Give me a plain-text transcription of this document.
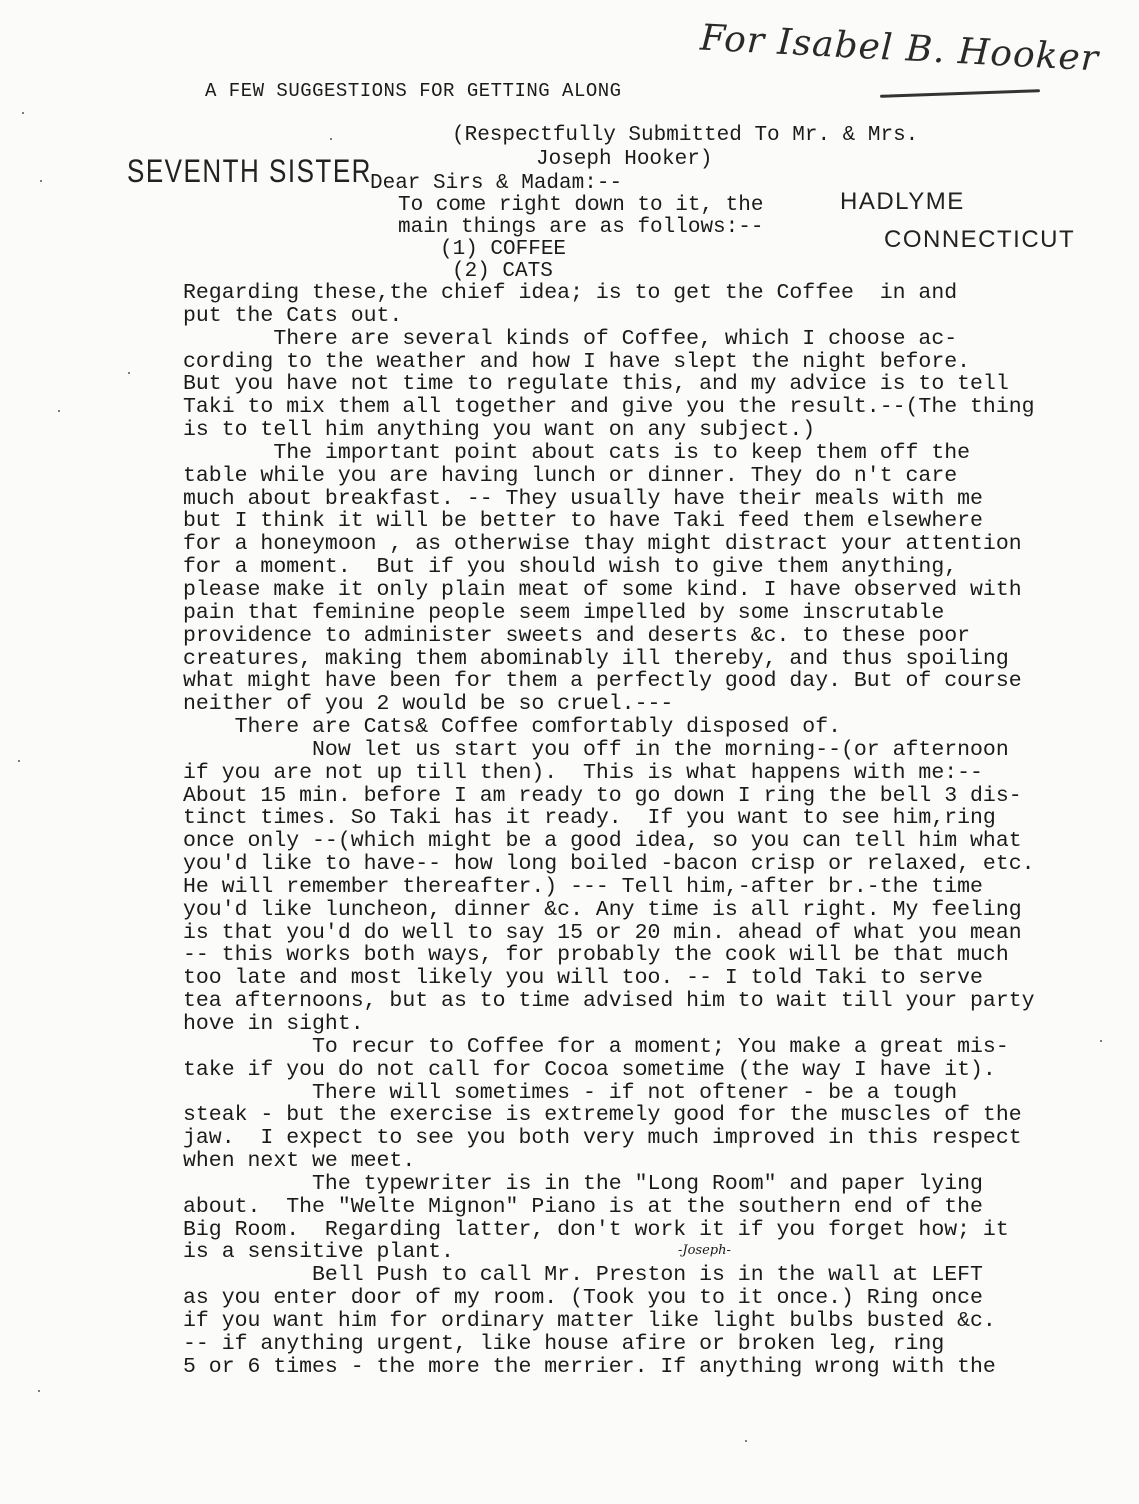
For Isabel B. Hooker
A FEW SUGGESTIONS FOR GETTING ALONG
(Respectfully Submitted To Mr. & Mrs.
Joseph Hooker)
Dear Sirs & Madam:--
To come right down to it, the
main things are as follows:--
(1) COFFEE
(2) CATS
SEVENTH SISTER
HADLYME
CONNECTICUT
Regarding these,the chief idea; is to get the Coffee  in and
put the Cats out.
There are several kinds of Coffee, which I choose ac-
cording to the weather and how I have slept the night before.
But you have not time to regulate this, and my advice is to tell
Taki to mix them all together and give you the result.--(The thing
is to tell him anything you want on any subject.)
The important point about cats is to keep them off the
table while you are having lunch or dinner. They do n't care
much about breakfast. -- They usually have their meals with me
but I think it will be better to have Taki feed them elsewhere
for a honeymoon , as otherwise thay might distract your attention
for a moment.  But if you should wish to give them anything,
please make it only plain meat of some kind. I have observed with
pain that feminine people seem impelled by some inscrutable
providence to administer sweets and deserts &c. to these poor
creatures, making them abominably ill thereby, and thus spoiling
what might have been for them a perfectly good day. But of course
neither of you 2 would be so cruel.---
There are Cats& Coffee comfortably disposed of.
Now let us start you off in the morning--(or afternoon
if you are not up till then).  This is what happens with me:--
About 15 min. before I am ready to go down I ring the bell 3 dis-
tinct times. So Taki has it ready.  If you want to see him,ring
once only --(which might be a good idea, so you can tell him what
you'd like to have-- how long boiled -bacon crisp or relaxed, etc.
He will remember thereafter.) --- Tell him,-after br.-the time
you'd like luncheon, dinner &c. Any time is all right. My feeling
is that you'd do well to say 15 or 20 min. ahead of what you mean
-- this works both ways, for probably the cook will be that much
too late and most likely you will too. -- I told Taki to serve
tea afternoons, but as to time advised him to wait till your party
hove in sight.
To recur to Coffee for a moment; You make a great mis-
take if you do not call for Cocoa sometime (the way I have it).
There will sometimes - if not oftener - be a tough
steak - but the exercise is extremely good for the muscles of the
jaw.  I expect to see you both very much improved in this respect
when next we meet.
The typewriter is in the "Long Room" and paper lying
about.  The "Welte Mignon" Piano is at the southern end of the
Big Room.  Regarding latter, don't work it if you forget how; it
is a sensitive plant.
Bell Push to call Mr. Preston is in the wall at LEFT
as you enter door of my room. (Took you to it once.) Ring once
if you want him for ordinary matter like light bulbs busted &c.
-- if anything urgent, like house afire or broken leg, ring
5 or 6 times - the more the merrier. If anything wrong with the
-Joseph-
